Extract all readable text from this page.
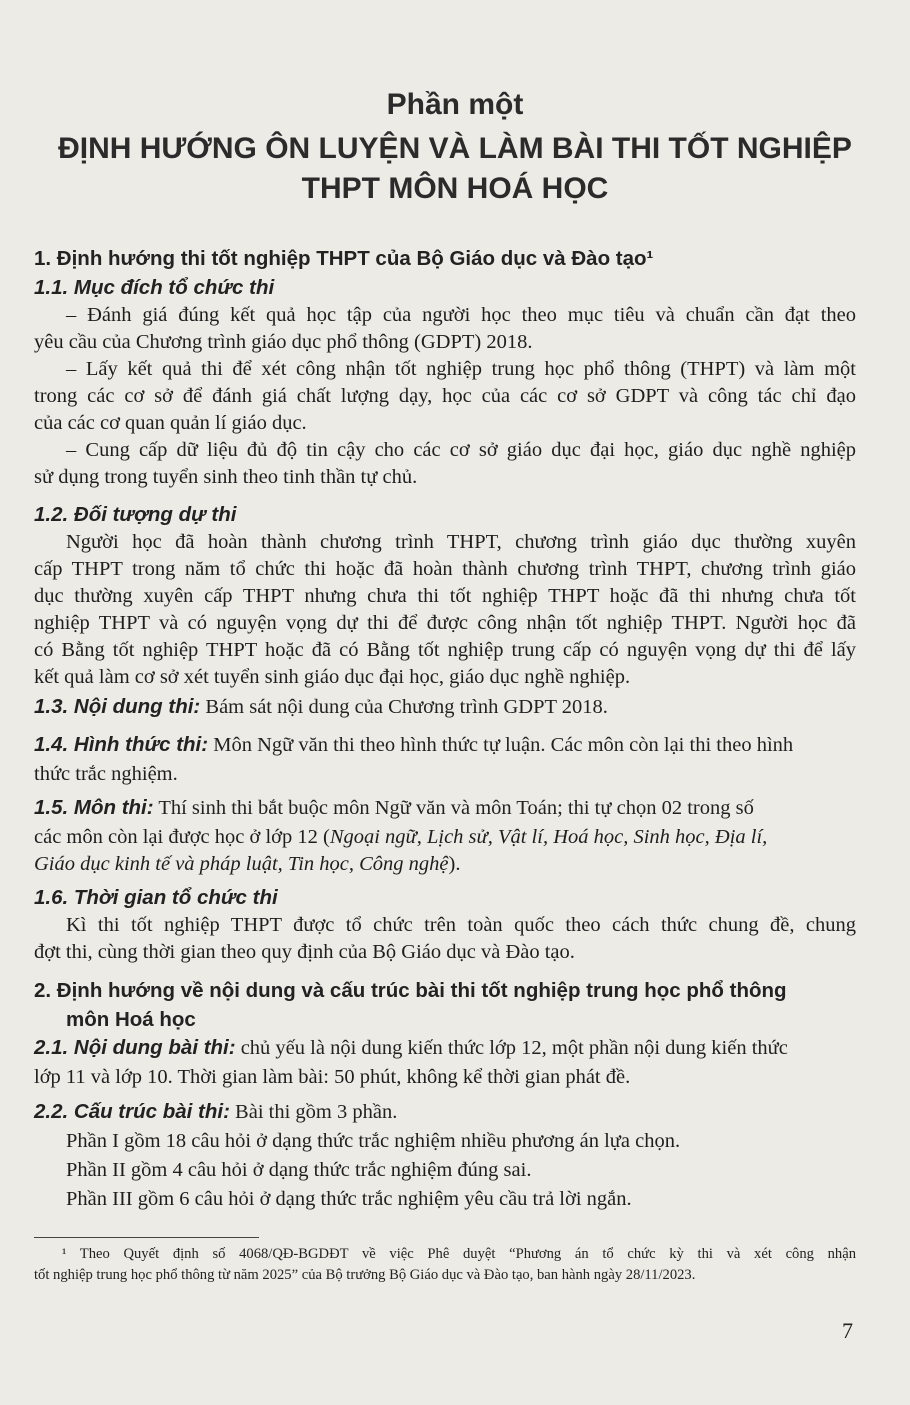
Phần một
ĐỊNH HƯỚNG ÔN LUYỆN VÀ LÀM BÀI THI TỐT NGHIỆP
THPT MÔN HOÁ HỌC
1. Định hướng thi tốt nghiệp THPT của Bộ Giáo dục và Đào tạo¹
1.1. Mục đích tổ chức thi
– Đánh giá đúng kết quả học tập của người học theo mục tiêu và chuẩn cần đạt theo
yêu cầu của Chương trình giáo dục phổ thông (GDPT) 2018.
– Lấy kết quả thi để xét công nhận tốt nghiệp trung học phổ thông (THPT) và làm một
trong các cơ sở để đánh giá chất lượng dạy, học của các cơ sở GDPT và công tác chỉ đạo
của các cơ quan quản lí giáo dục.
– Cung cấp dữ liệu đủ độ tin cậy cho các cơ sở giáo dục đại học, giáo dục nghề nghiệp
sử dụng trong tuyển sinh theo tinh thần tự chủ.
1.2. Đối tượng dự thi
Người học đã hoàn thành chương trình THPT, chương trình giáo dục thường xuyên
cấp THPT trong năm tổ chức thi hoặc đã hoàn thành chương trình THPT, chương trình giáo
dục thường xuyên cấp THPT nhưng chưa thi tốt nghiệp THPT hoặc đã thi nhưng chưa tốt
nghiệp THPT và có nguyện vọng dự thi để được công nhận tốt nghiệp THPT. Người học đã
có Bằng tốt nghiệp THPT hoặc đã có Bằng tốt nghiệp trung cấp có nguyện vọng dự thi để lấy
kết quả làm cơ sở xét tuyển sinh giáo dục đại học, giáo dục nghề nghiệp.
1.3. Nội dung thi: Bám sát nội dung của Chương trình GDPT 2018.
1.4. Hình thức thi: Môn Ngữ văn thi theo hình thức tự luận. Các môn còn lại thi theo hình
thức trắc nghiệm.
1.5. Môn thi: Thí sinh thi bắt buộc môn Ngữ văn và môn Toán; thi tự chọn 02 trong số
các môn còn lại được học ở lớp 12 (Ngoại ngữ, Lịch sử, Vật lí, Hoá học, Sinh học, Địa lí,
Giáo dục kinh tế và pháp luật, Tin học, Công nghệ).
1.6. Thời gian tổ chức thi
Kì thi tốt nghiệp THPT được tổ chức trên toàn quốc theo cách thức chung đề, chung
đợt thi, cùng thời gian theo quy định của Bộ Giáo dục và Đào tạo.
2. Định hướng về nội dung và cấu trúc bài thi tốt nghiệp trung học phổ thông
môn Hoá học
2.1. Nội dung bài thi: chủ yếu là nội dung kiến thức lớp 12, một phần nội dung kiến thức
lớp 11 và lớp 10. Thời gian làm bài: 50 phút, không kể thời gian phát đề.
2.2. Cấu trúc bài thi: Bài thi gồm 3 phần.
Phần I gồm 18 câu hỏi ở dạng thức trắc nghiệm nhiều phương án lựa chọn.
Phần II gồm 4 câu hỏi ở dạng thức trắc nghiệm đúng sai.
Phần III gồm 6 câu hỏi ở dạng thức trắc nghiệm yêu cầu trả lời ngắn.
¹ Theo Quyết định số 4068/QĐ-BGDĐT về việc Phê duyệt “Phương án tổ chức kỳ thi và xét công nhận
tốt nghiệp trung học phổ thông từ năm 2025” của Bộ trưởng Bộ Giáo dục và Đào tạo, ban hành ngày 28/11/2023.
7
